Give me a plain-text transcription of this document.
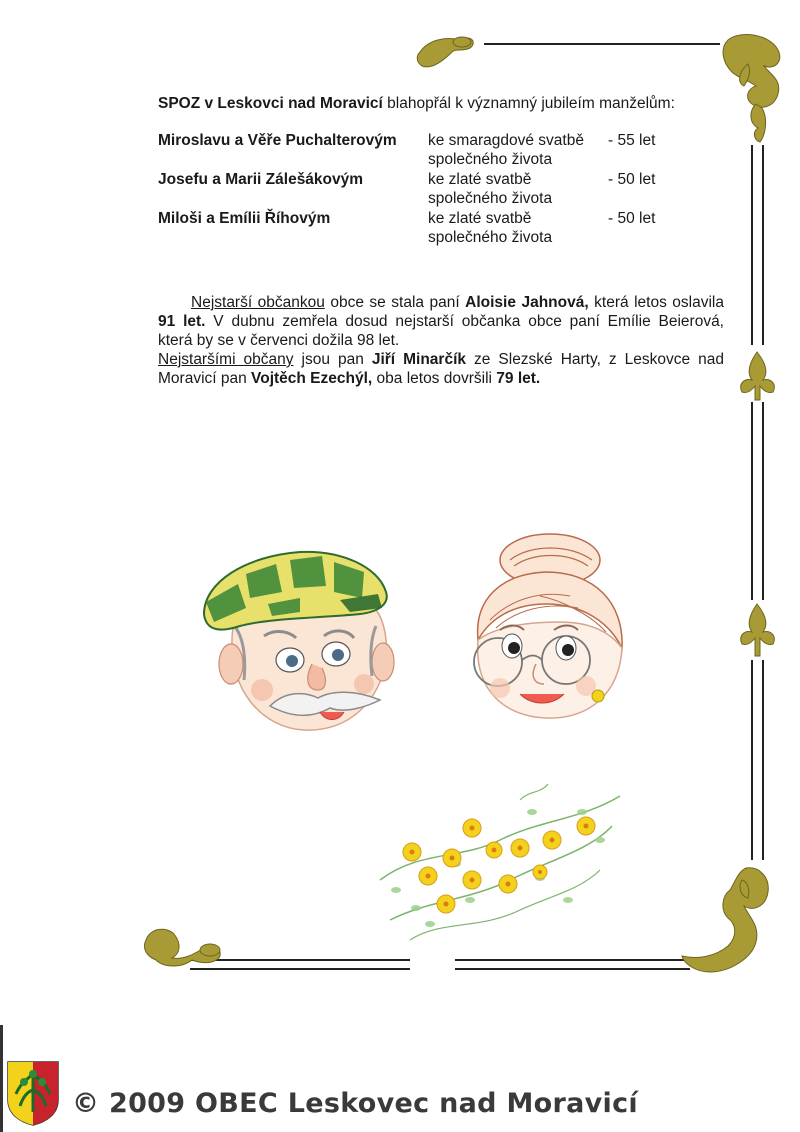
SPOZ v Leskovci nad Moravicí blahopřál k významný jubileím manželům:

Miroslavu a Věře Puchalterovým ke smaragdové svatbě
společného života
- 55 let
Josefu a Marii Zálešákovým	ke zlaté svatbě
společného života
- 50 let
Miloši a Emílii Říhovým	ke zlaté svatbě
společného života
- 50 let

Nejstarší občankou obce se stala paní Aloisie Jahnová, která letos oslavila 91 let. V dubnu zemřela dosud nejstarší občanka obce paní Emílie Beierová, která by se v červenci dožila 98 let.

Nejstaršími občany jsou pan Jiří Minarčík ze Slezské Harty, z Leskovce nad Moravicí pan Vojtěch Ezechýl, oba letos dovršili 79 let.

© 2009 OBEC Leskovec nad Moravicí
